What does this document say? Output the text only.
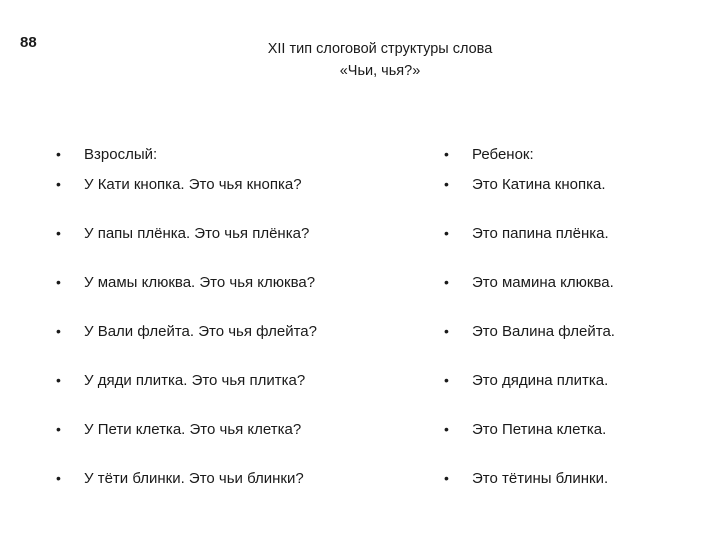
88	XII тип слоговой структуры слова
«Чьи, чья?»
•	Взрослый:
•	У Кати кнопка. Это чья кнопка?
•	У папы плёнка. Это чья плёнка?
•	У мамы клюква. Это чья клюква?
•	У Вали флейта. Это чья флейта?
•	У дяди плитка. Это чья плитка?
•	У Пети клетка. Это чья клетка?
•	У тёти блинки. Это чьи блинки?
•	Ребенок:
•	Это Катина кнопка.
•	Это папина плёнка.
•	Это мамина клюква.
•	Это Валина флейта.
•	Это дядина плитка.
•	Это Петина клетка.
•	Это тётины блинки.
